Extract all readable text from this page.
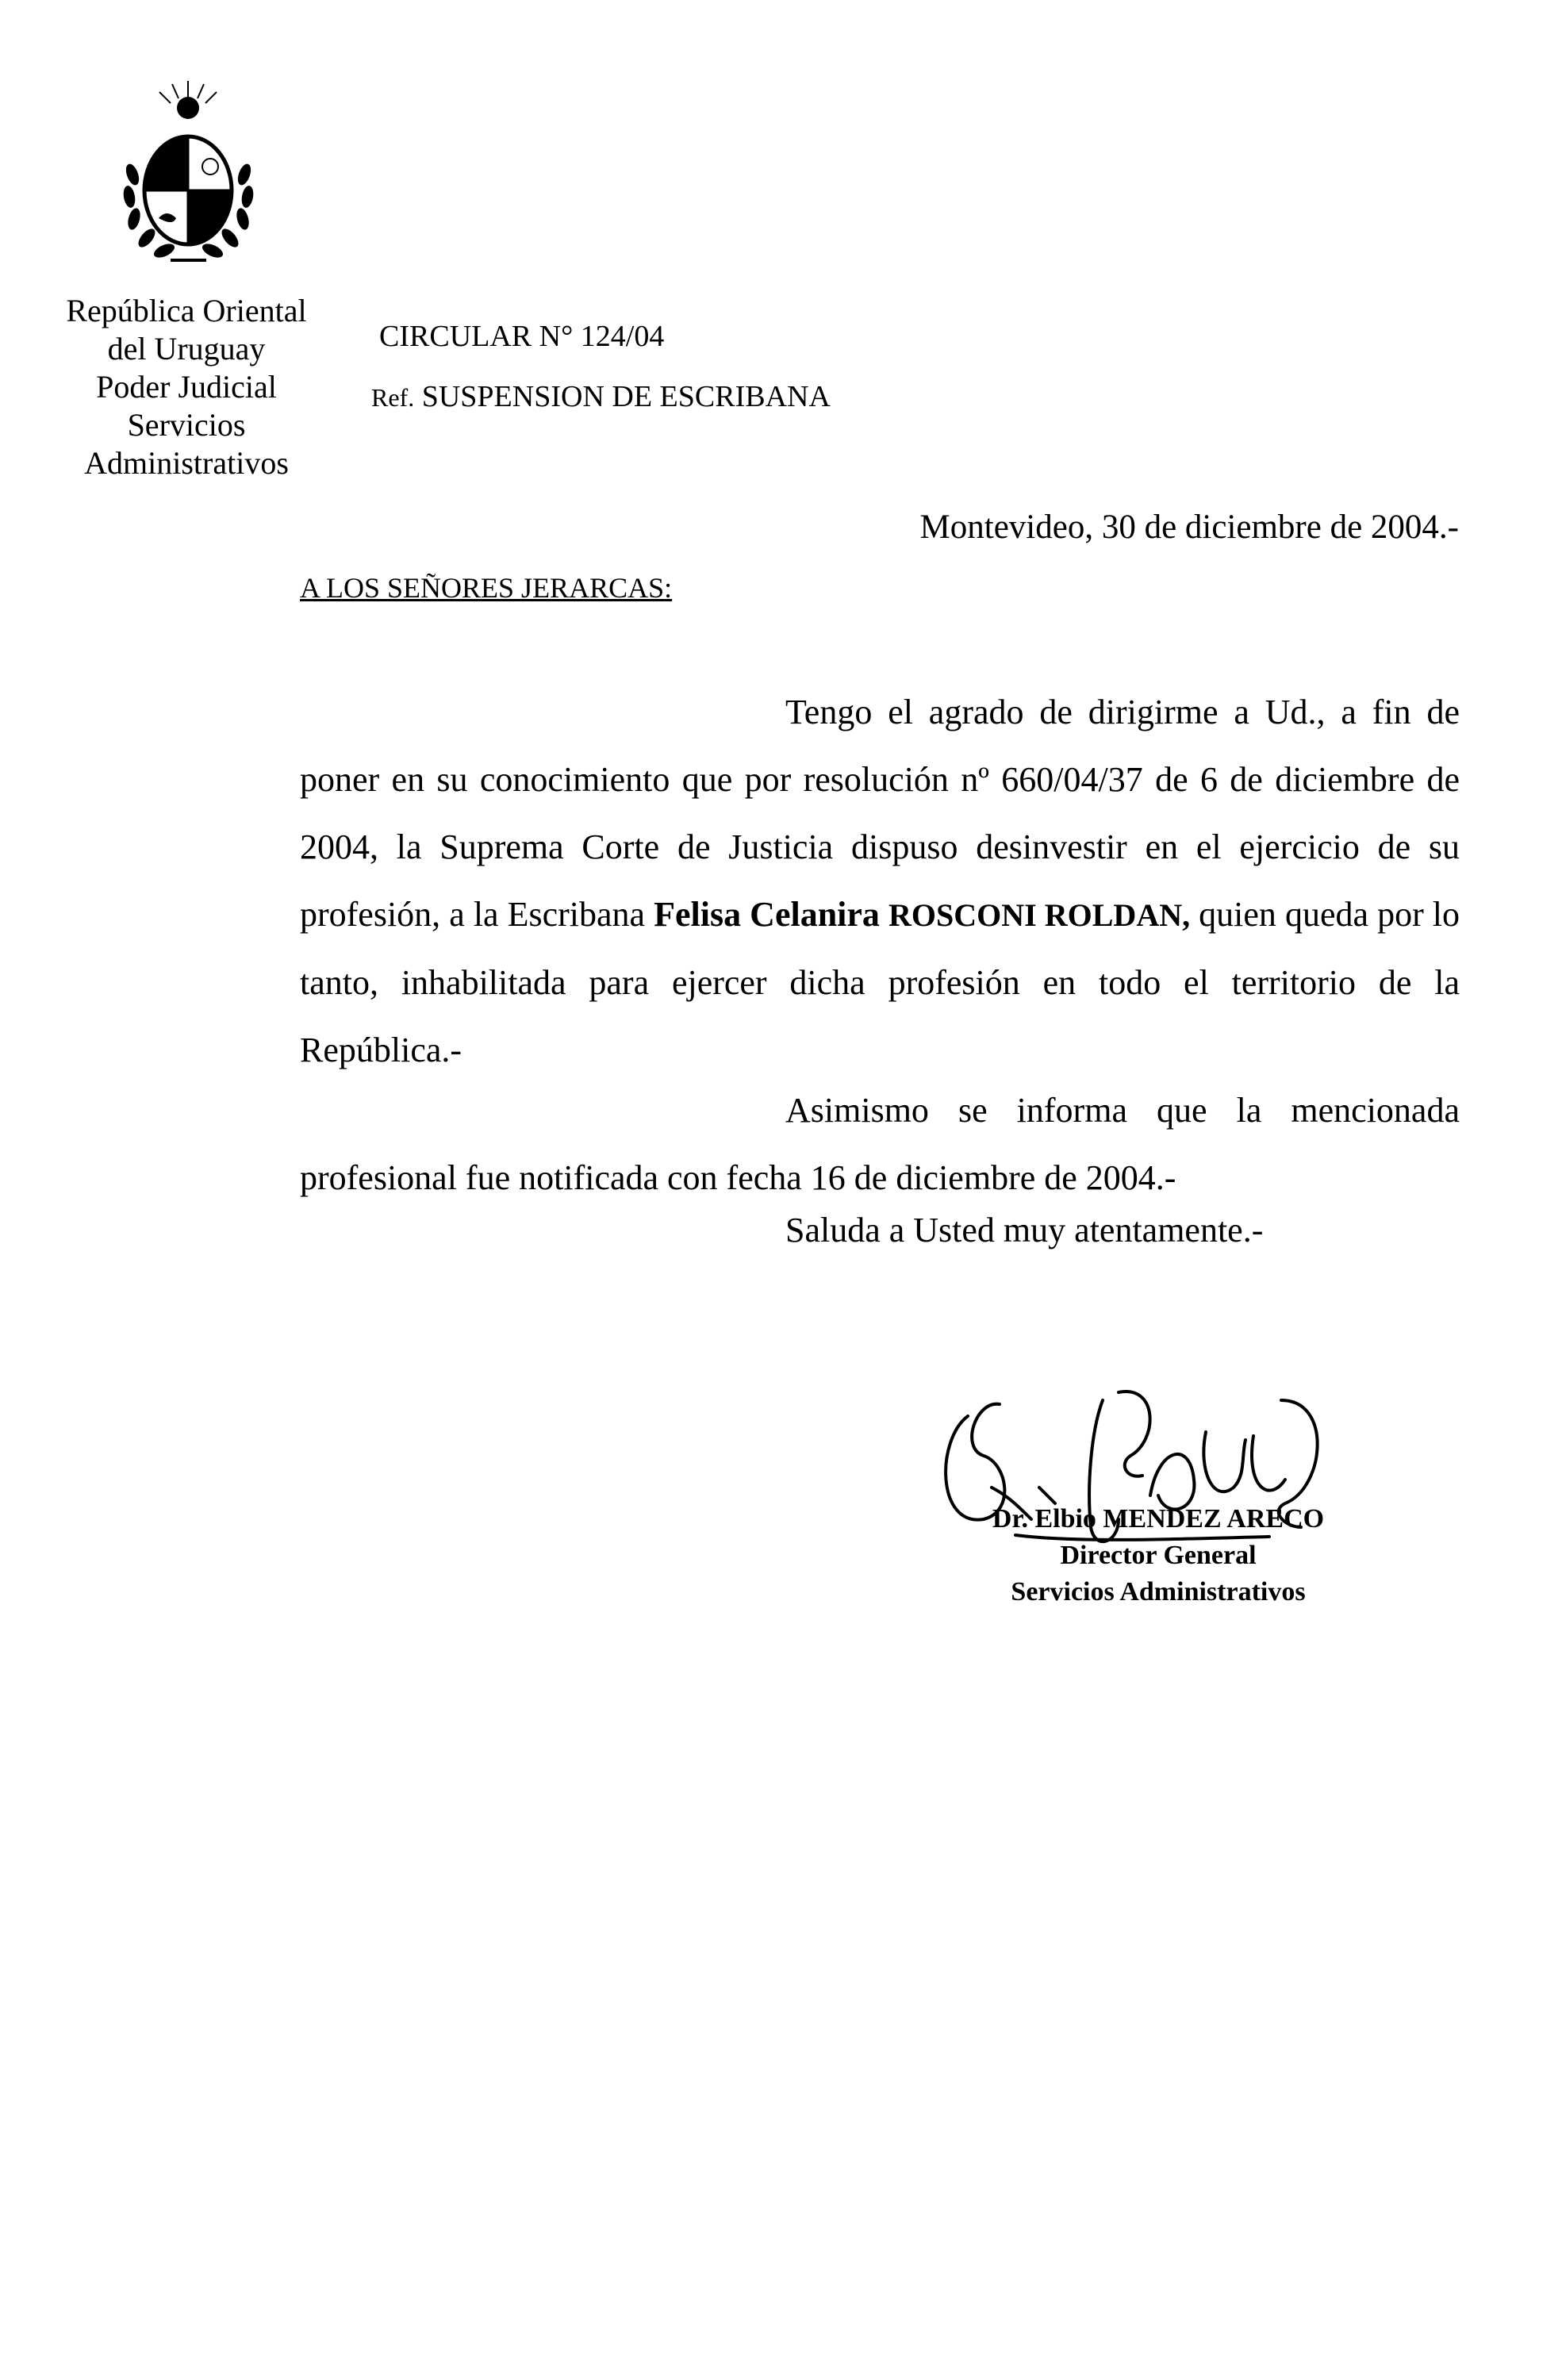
República Oriental
del Uruguay
Poder Judicial
Servicios
Administrativos
CIRCULAR N° 124/04
Ref. SUSPENSION DE ESCRIBANA
Montevideo, 30 de diciembre de 2004.-
A LOS SEÑORES JERARCAS:
Tengo el agrado de dirigirme a Ud., a fin de poner en su conocimiento que por resolución nº 660/04/37 de 6 de diciembre de 2004, la Suprema Corte de Justicia dispuso desinvestir en el ejercicio de su profesión, a la Escribana Felisa Celanira ROSCONI ROLDAN, quien queda por lo tanto, inhabilitada para ejercer dicha profesión en todo el territorio de la República.-
Asimismo se informa que la mencionada profesional fue notificada con fecha 16 de diciembre de 2004.-
Saluda a Usted muy atentamente.-
Dr. Elbio MENDEZ ARECO
Director General
Servicios Administrativos
